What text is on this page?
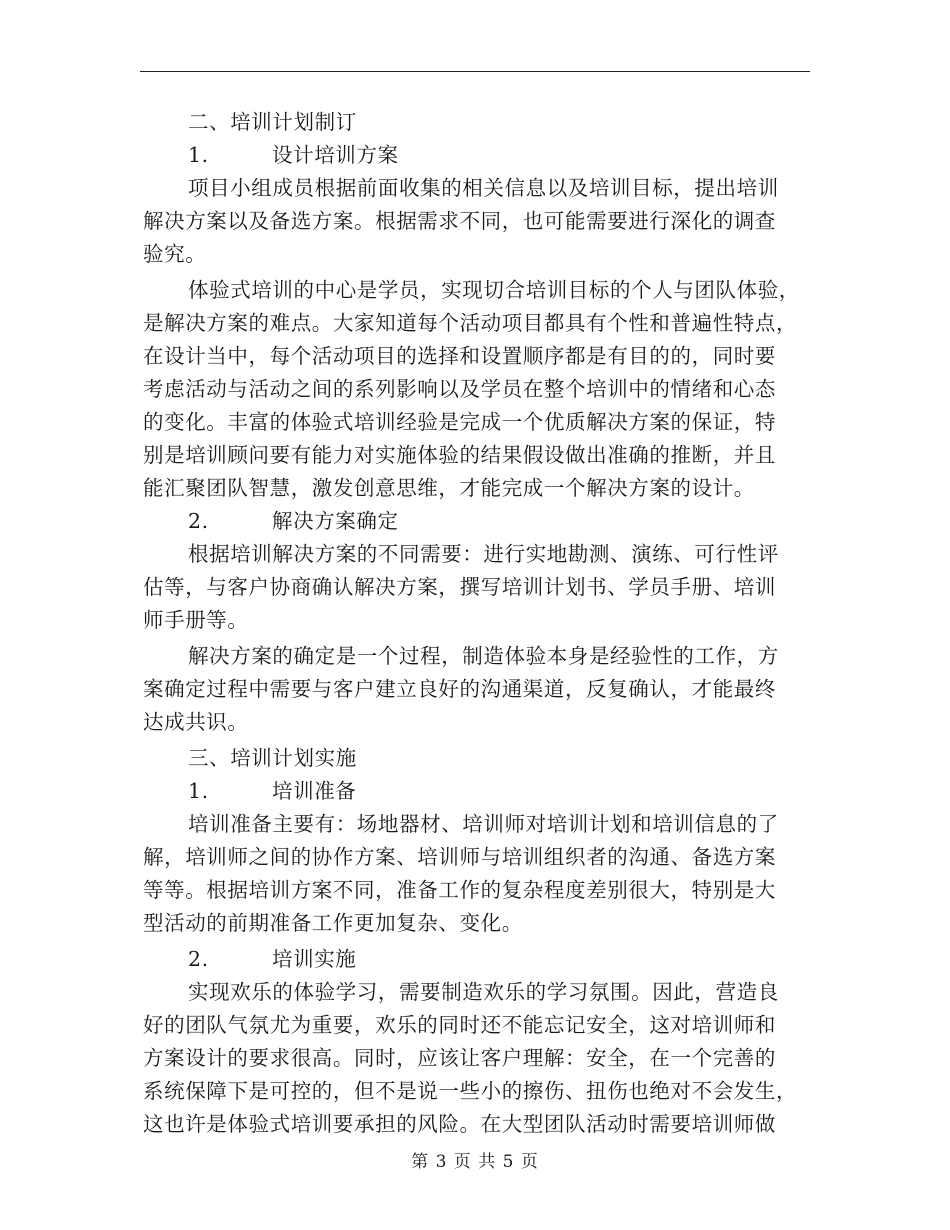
二、培训计划制订
1.	设计培训方案
项目小组成员根据前面收集的相关信息以及培训目标，提出培训
解决方案以及备选方案。根据需求不同，也可能需要进行深化的调查
验究。
体验式培训的中心是学员，实现切合培训目标的个人与团队体验，
是解决方案的难点。大家知道每个活动项目都具有个性和普遍性特点，
在设计当中，每个活动项目的选择和设置顺序都是有目的的，同时要
考虑活动与活动之间的系列影响以及学员在整个培训中的情绪和心态
的变化。丰富的体验式培训经验是完成一个优质解决方案的保证，特
别是培训顾问要有能力对实施体验的结果假设做出准确的推断，并且
能汇聚团队智慧，激发创意思维，才能完成一个解决方案的设计。
2.	解决方案确定
根据培训解决方案的不同需要：进行实地勘测、演练、可行性评
估等，与客户协商确认解决方案，撰写培训计划书、学员手册、培训
师手册等。
解决方案的确定是一个过程，制造体验本身是经验性的工作，方
案确定过程中需要与客户建立良好的沟通渠道，反复确认，才能最终
达成共识。
三、培训计划实施
1.	培训准备
培训准备主要有：场地器材、培训师对培训计划和培训信息的了
解，培训师之间的协作方案、培训师与培训组织者的沟通、备选方案
等等。根据培训方案不同，准备工作的复杂程度差别很大，特别是大
型活动的前期准备工作更加复杂、变化。
2.	培训实施
实现欢乐的体验学习，需要制造欢乐的学习氛围。因此，营造良
好的团队气氛尤为重要，欢乐的同时还不能忘记安全，这对培训师和
方案设计的要求很高。同时，应该让客户理解：安全，在一个完善的
系统保障下是可控的，但不是说一些小的擦伤、扭伤也绝对不会发生，
这也许是体验式培训要承担的风险。在大型团队活动时需要培训师做
第 3 页 共 5 页
